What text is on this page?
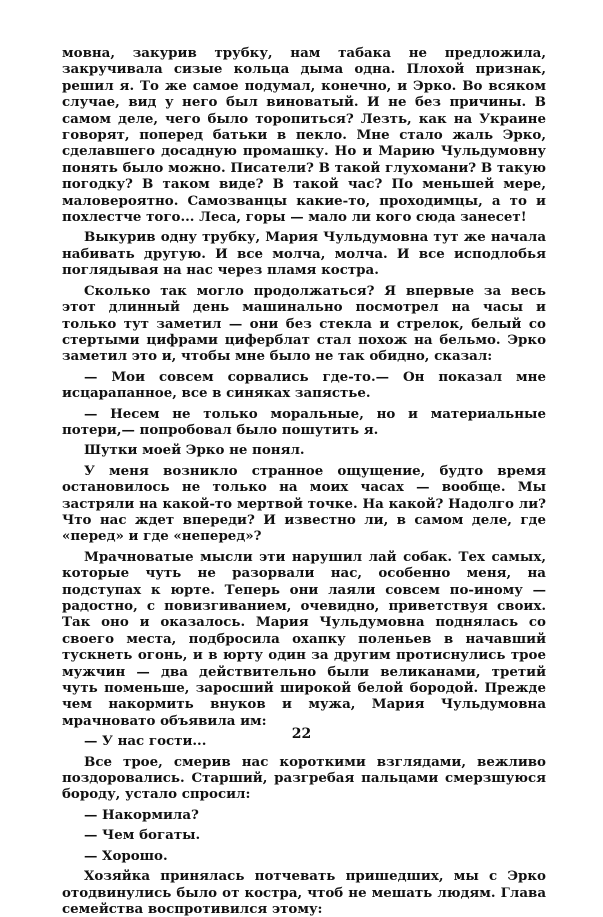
мовна, закурив трубку, нам табака не предложила, закручивала сизые кольца дыма одна. Плохой признак, решил я. То же самое подумал, конечно, и Эрко. Во всяком случае, вид у него был виноватый. И не без причины. В самом деле, чего было торопиться? Лезть, как на Украине говорят, поперед батьки в пекло. Мне стало жаль Эрко, сделавшего досадную промашку. Но и Марию Чульдумовну понять было можно. Писатели? В такой глухомани? В такую погодку? В таком виде? В такой час? По меньшей мере, маловероятно. Самозванцы какие-то, проходимцы, а то и похлестче того... Леса, горы — мало ли кого сюда занесет!

Выкурив одну трубку, Мария Чульдумовна тут же начала набивать другую. И все молча, молча. И все исподлобья поглядывая на нас через пламя костра.

Сколько так могло продолжаться? Я впервые за весь этот длинный день машинально посмотрел на часы и только тут заметил — они без стекла и стрелок, белый со стертыми цифрами циферблат стал похож на бельмо. Эрко заметил это и, чтобы мне было не так обидно, сказал:

— Мои совсем сорвались где-то.— Он показал мне исцарапанное, все в синяках запястье.

— Несем не только моральные, но и материальные потери,— попробовал было пошутить я.

Шутки моей Эрко не понял.

У меня возникло странное ощущение, будто время остановилось не только на моих часах — вообще. Мы застряли на какой-то мертвой точке. На какой? Надолго ли? Что нас ждет впереди? И известно ли, в самом деле, где «перед» и где «неперед»?

Мрачноватые мысли эти нарушил лай собак. Тех самых, которые чуть не разорвали нас, особенно меня, на подступах к юрте. Теперь они лаяли совсем по-иному — радостно, с повизгиванием, очевидно, приветствуя своих. Так оно и оказалось. Мария Чульдумовна поднялась со своего места, подбросила охапку поленьев в начавший тускнеть огонь, и в юрту один за другим протиснулись трое мужчин — два действительно были великанами, третий чуть поменьше, заросший широкой белой бородой. Прежде чем накормить внуков и мужа, Мария Чульдумовна мрачновато объявила им:

— У нас гости...

Все трое, смерив нас короткими взглядами, вежливо поздоровались. Старший, разгребая пальцами смерзшуюся бороду, устало спросил:

— Накормила?

— Чем богаты.

— Хорошо.

Хозяйка принялась потчевать пришедших, мы с Эрко отодвинулись было от костра, чтоб не мешать людям. Глава семейства воспротивился этому:

22
